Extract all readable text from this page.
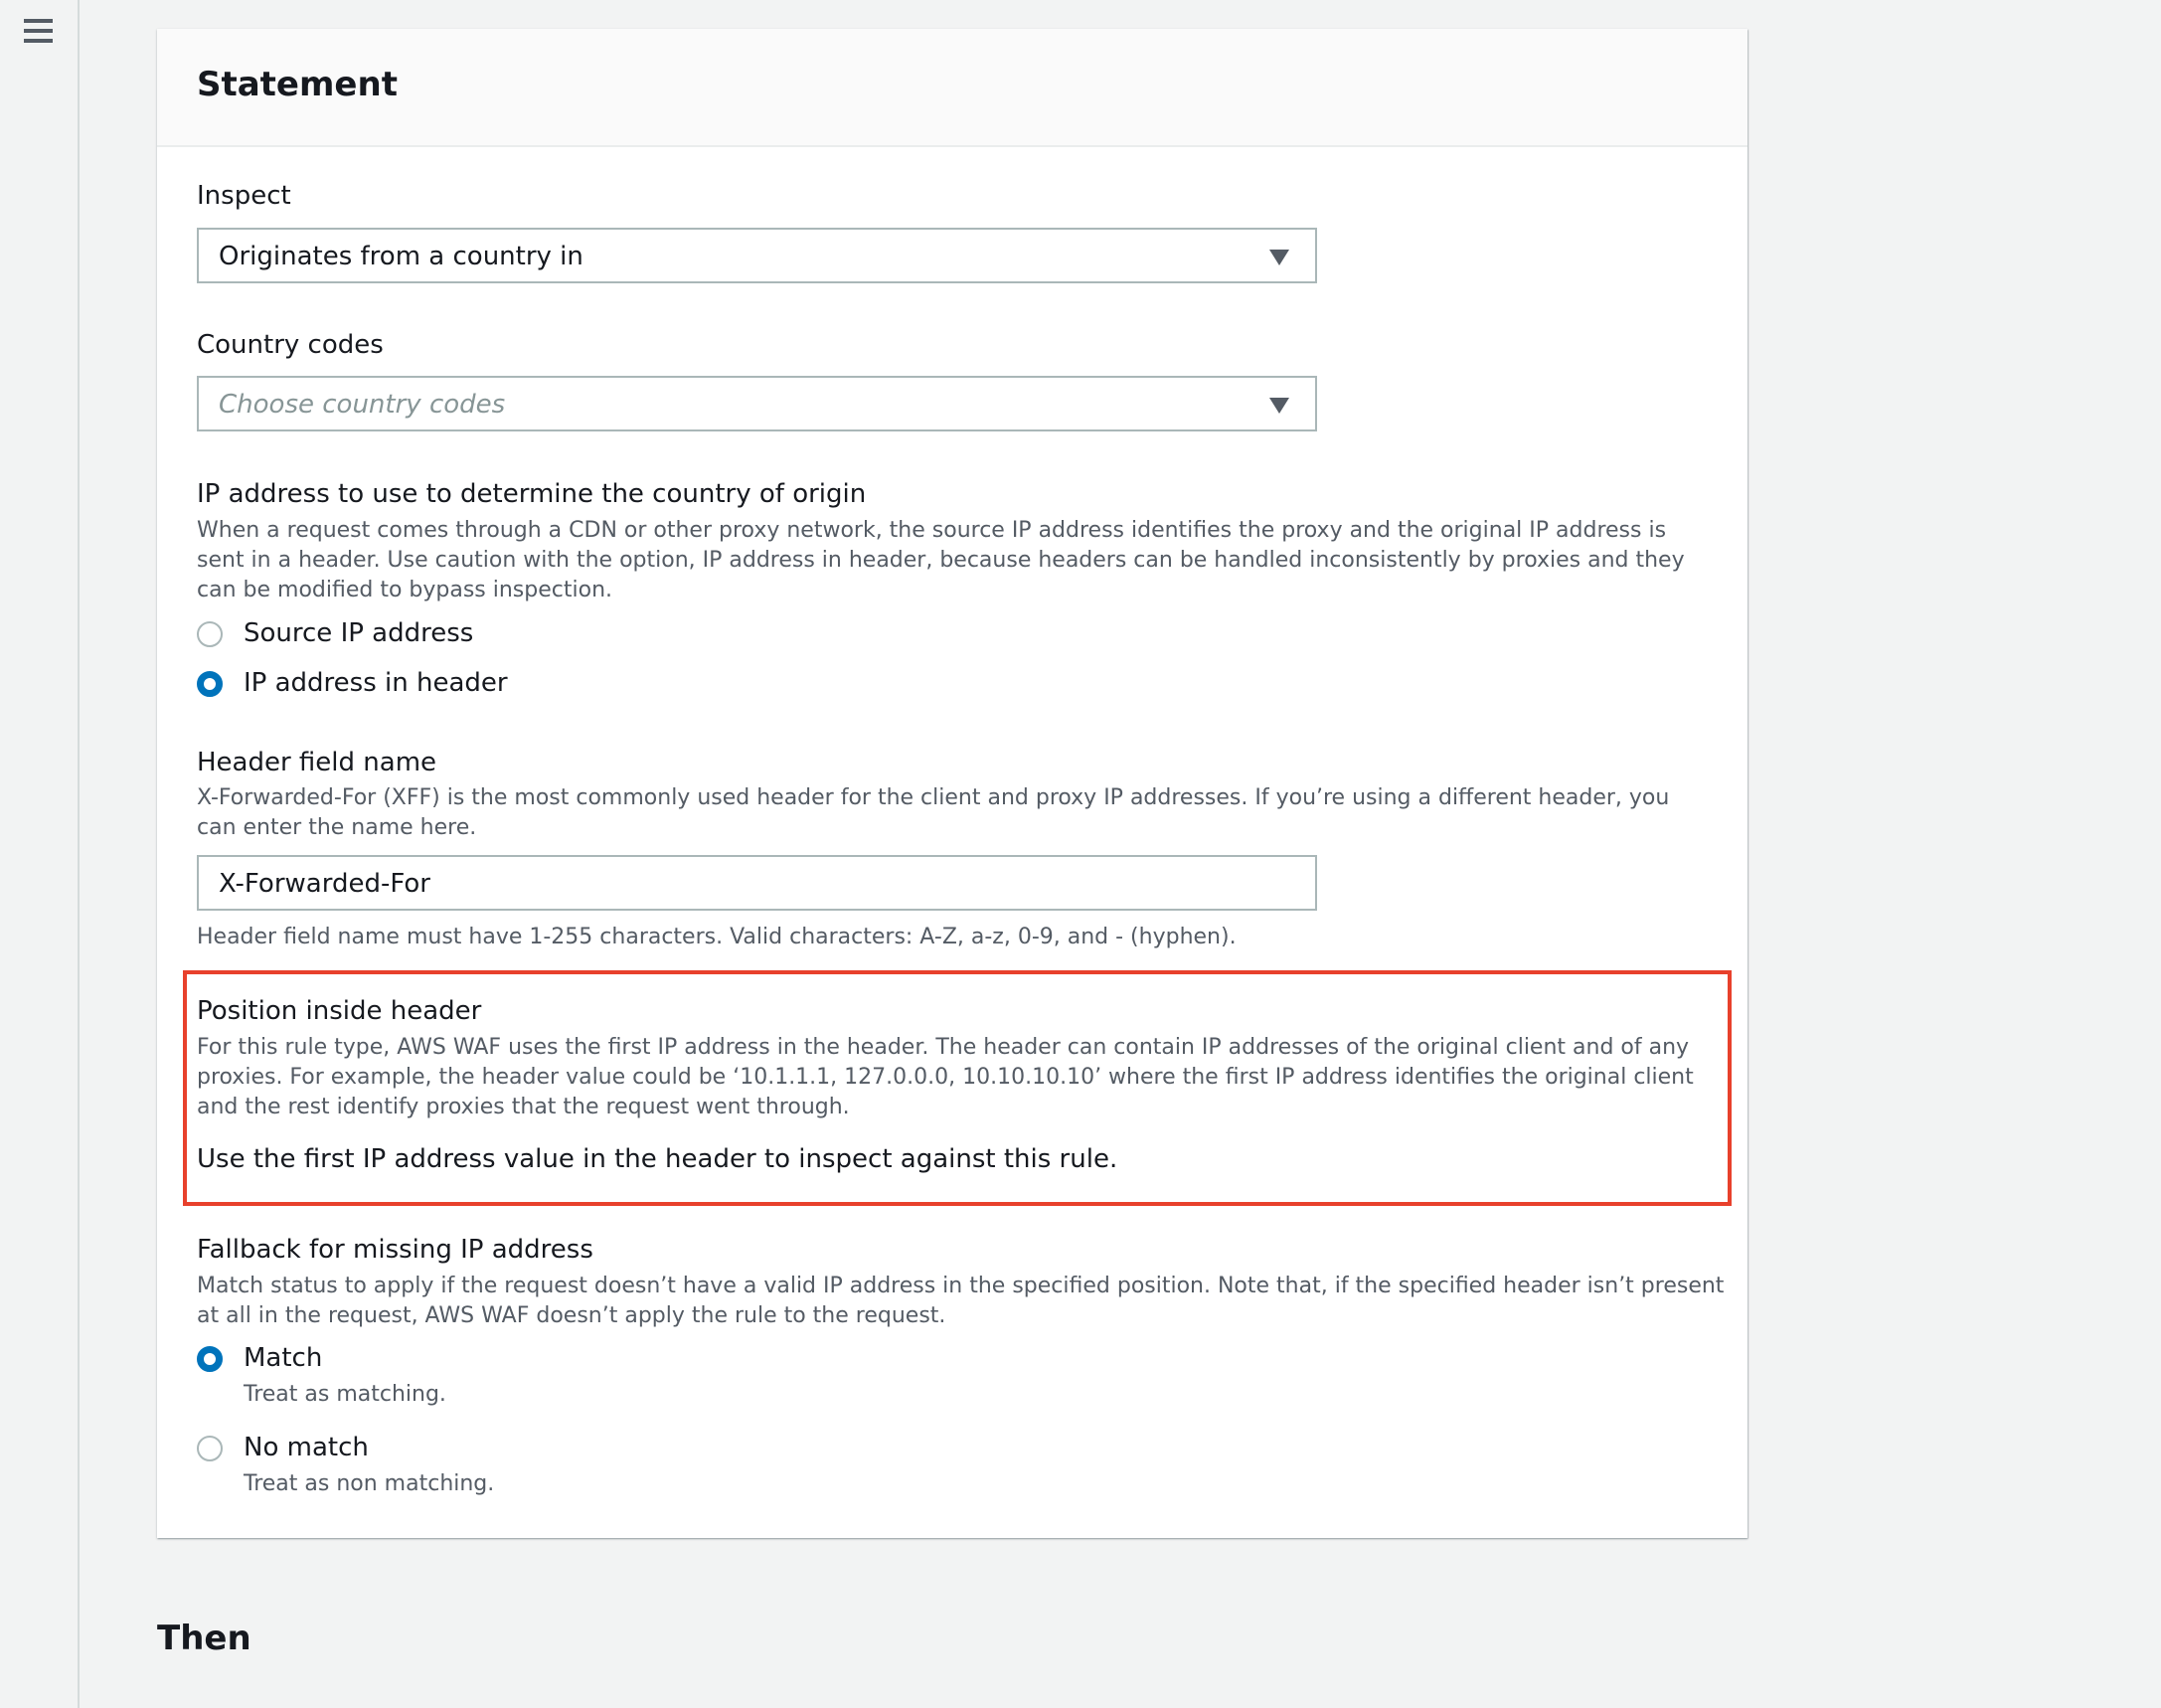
Statement
Inspect
Originates from a country in
Country codes
Choose country codes
IP address to use to determine the country of origin
When a request comes through a CDN or other proxy network, the source IP address identifies the proxy and the original IP address is sent in a header. Use caution with the option, IP address in header, because headers can be handled inconsistently by proxies and they can be modified to bypass inspection.
Source IP address
IP address in header
Header field name
X-Forwarded-For (XFF) is the most commonly used header for the client and proxy IP addresses. If you’re using a different header, you can enter the name here.
X-Forwarded-For
Header field name must have 1-255 characters. Valid characters: A-Z, a-z, 0-9, and - (hyphen).
Position inside header
For this rule type, AWS WAF uses the first IP address in the header. The header can contain IP addresses of the original client and of any proxies. For example, the header value could be ‘10.1.1.1, 127.0.0.0, 10.10.10.10’ where the first IP address identifies the original client and the rest identify proxies that the request went through.
Use the first IP address value in the header to inspect against this rule.
Fallback for missing IP address
Match status to apply if the request doesn’t have a valid IP address in the specified position. Note that, if the specified header isn’t present at all in the request, AWS WAF doesn’t apply the rule to the request.
Match
Treat as matching.
No match
Treat as non matching.
Then
